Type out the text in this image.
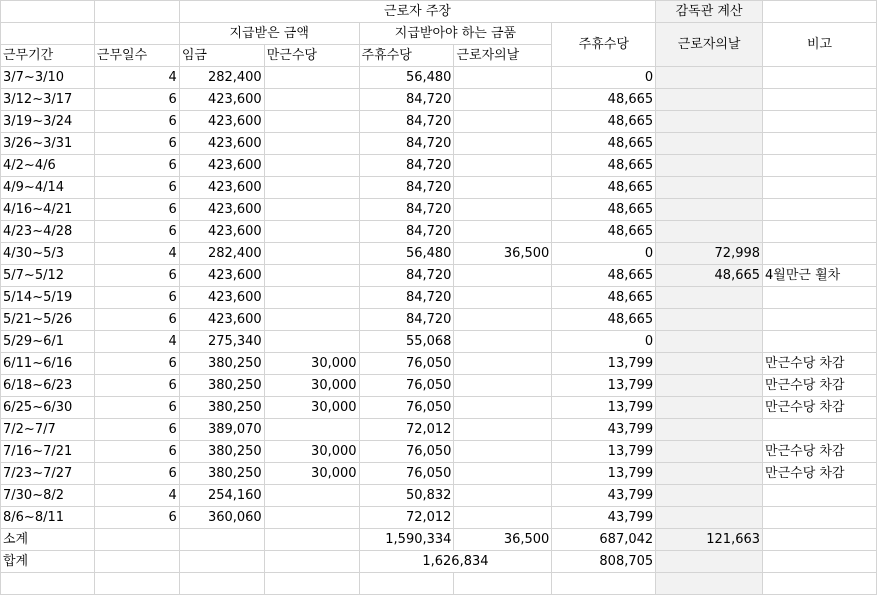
		근로자 주장					감독관 계산	
		지급받은 금액		지급받아야 하는 금품		주휴수당	근로자의날	비고
근무기간	근무일수	임금	만근수당	주휴수당	근로자의날			
3/7~3/10	4	282,400		56,480		0		
3/12~3/17	6	423,600		84,720		48,665		
3/19~3/24	6	423,600		84,720		48,665		
3/26~3/31	6	423,600		84,720		48,665		
4/2~4/6	6	423,600		84,720		48,665		
4/9~4/14	6	423,600		84,720		48,665		
4/16~4/21	6	423,600		84,720		48,665		
4/23~4/28	6	423,600		84,720		48,665		
4/30~5/3	4	282,400		56,480	36,500	0	72,998	
5/7~5/12	6	423,600		84,720		48,665	48,665	4월만근 휠차
5/14~5/19	6	423,600		84,720		48,665		
5/21~5/26	6	423,600		84,720		48,665		
5/29~6/1	4	275,340		55,068		0		
6/11~6/16	6	380,250	30,000	76,050		13,799		만근수당 차감
6/18~6/23	6	380,250	30,000	76,050		13,799		만근수당 차감
6/25~6/30	6	380,250	30,000	76,050		13,799		만근수당 차감
7/2~7/7	6	389,070		72,012		43,799		
7/16~7/21	6	380,250	30,000	76,050		13,799		만근수당 차감
7/23~7/27	6	380,250	30,000	76,050		13,799		만근수당 차감
7/30~8/2	4	254,160		50,832		43,799		
8/6~8/11	6	360,060		72,012		43,799		
소계				1,590,334	36,500	687,042	121,663	
합계				1,626,834		808,705		
